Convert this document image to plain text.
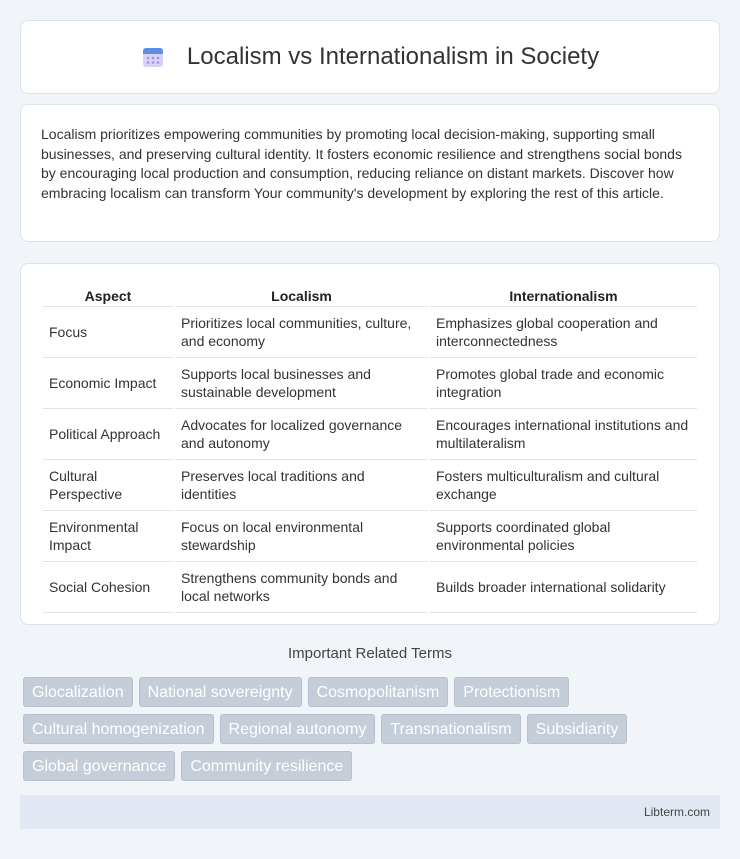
Localism vs Internationalism in Society

Localism prioritizes empowering communities by promoting local decision-making, supporting small businesses, and preserving cultural identity. It fosters economic resilience and strengthens social bonds by encouraging local production and consumption, reducing reliance on distant markets. Discover how embracing localism can transform Your community's development by exploring the rest of this article.

Aspect	Localism	Internationalism
Focus	Prioritizes local communities, culture, and economy	Emphasizes global cooperation and interconnectedness
Economic Impact	Supports local businesses and sustainable development	Promotes global trade and economic integration
Political Approach	Advocates for localized governance and autonomy	Encourages international institutions and multilateralism
Cultural Perspective	Preserves local traditions and identities	Fosters multiculturalism and cultural exchange
Environmental Impact	Focus on local environmental stewardship	Supports coordinated global environmental policies
Social Cohesion	Strengthens community bonds and local networks	Builds broader international solidarity
Important Related Terms
Glocalization	National sovereignty	Cosmopolitanism	Protectionism
Cultural homogenization	Regional autonomy	Transnationalism	Subsidiarity
Global governance	Community resilience
Libterm.com
